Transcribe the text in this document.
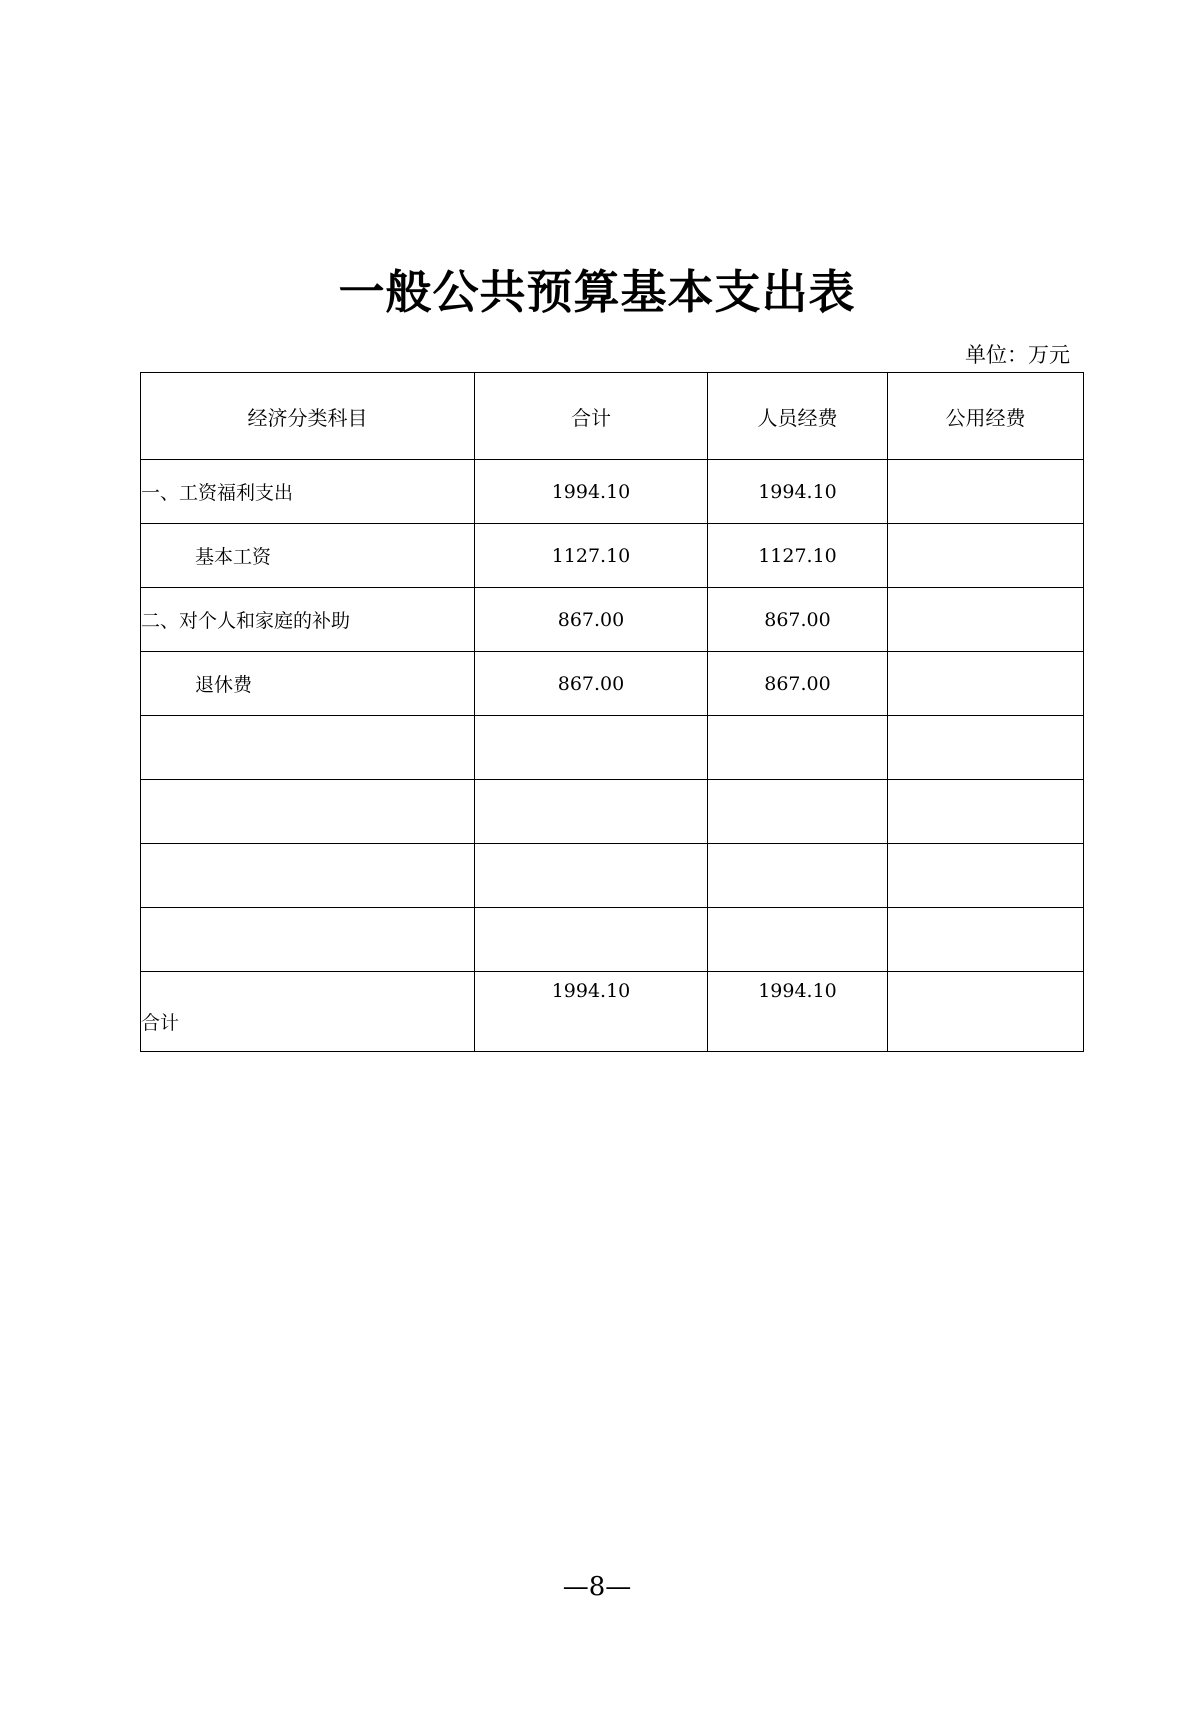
一般公共预算基本支出表
单位：万元
经济分类科目	合计	人员经费	公用经费
一、工资福利支出	1994.10	1994.10	
基本工资	1127.10	1127.10	
二、对个人和家庭的补助	867.00	867.00	
退休费	867.00	867.00	

合计	1994.10	1994.10	
—8—
